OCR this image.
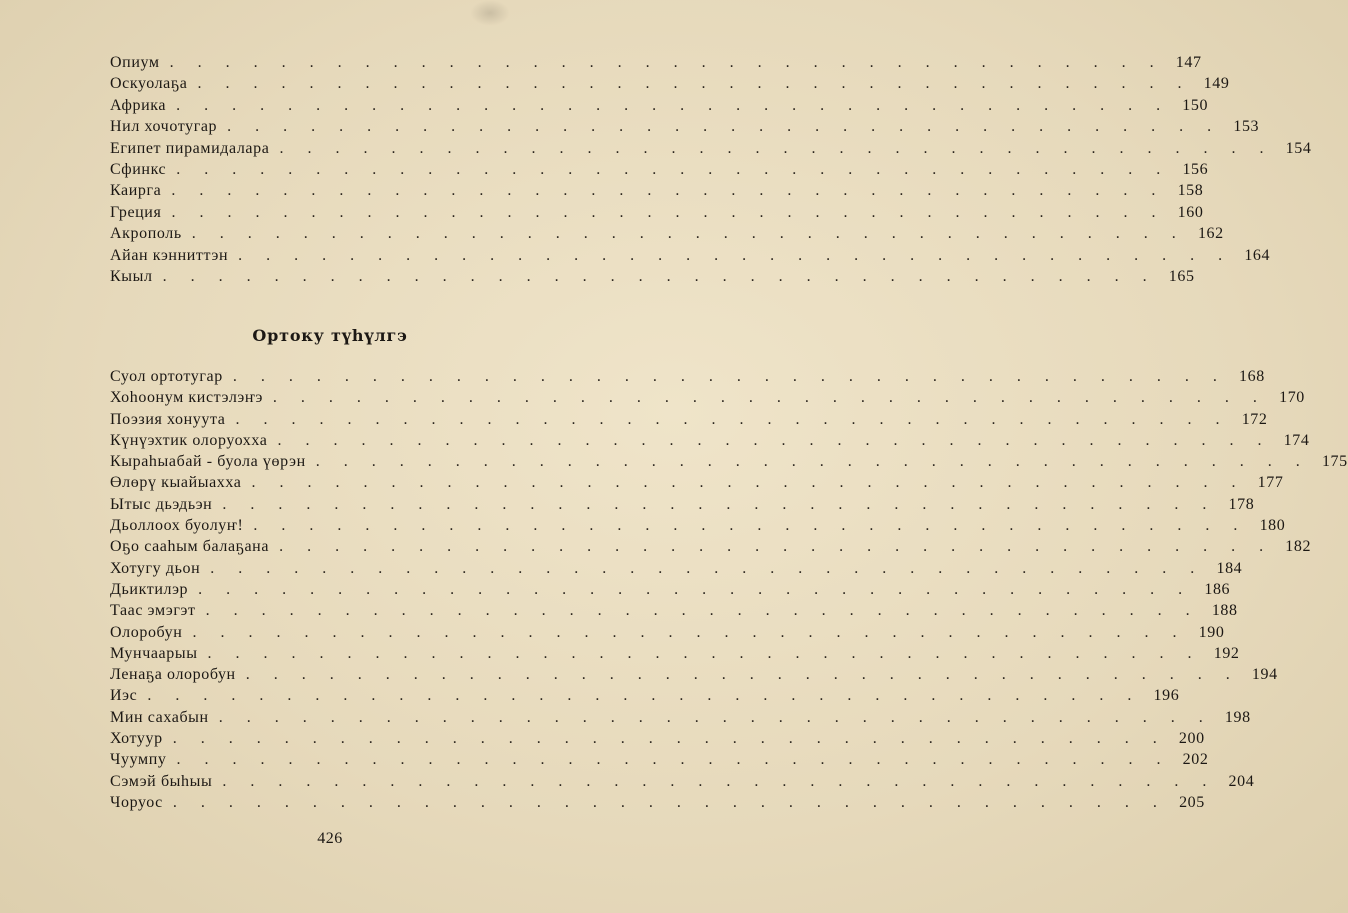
Опиум . . . . . . . . . . . . . . . . . . . . . . . . . . . . . . . . . . . . 147
Оскуолаҕа . . . . . . . . . . . . . . . . . . . . . . . . . . . . . . . . . . . . 149
Африка . . . . . . . . . . . . . . . . . . . . . . . . . . . . . . . . . . . . 150
Нил хочотугар . . . . . . . . . . . . . . . . . . . . . . . . . . . . . . . . . . . . 153
Египет пирамидалара . . . . . . . . . . . . . . . . . . . . . . . . . . . . . . . . . . . . 154
Сфинкс . . . . . . . . . . . . . . . . . . . . . . . . . . . . . . . . . . . . 156
Каирга . . . . . . . . . . . . . . . . . . . . . . . . . . . . . . . . . . . . 158
Греция . . . . . . . . . . . . . . . . . . . . . . . . . . . . . . . . . . . . 160
Акрополь . . . . . . . . . . . . . . . . . . . . . . . . . . . . . . . . . . . . 162
Айан кэнниттэн . . . . . . . . . . . . . . . . . . . . . . . . . . . . . . . . . . . . 164
Кыыл . . . . . . . . . . . . . . . . . . . . . . . . . . . . . . . . . . . . 165
Ортоку түһүлгэ
Суол ортотугар . . . . . . . . . . . . . . . . . . . . . . . . . . . . . . . . . . . . 168
Хоһоонум кистэлэҥэ . . . . . . . . . . . . . . . . . . . . . . . . . . . . . . . . . . . . 170
Поэзия хонуута . . . . . . . . . . . . . . . . . . . . . . . . . . . . . . . . . . . . 172
Күнүэхтик олоруохха . . . . . . . . . . . . . . . . . . . . . . . . . . . . . . . . . . . . 174
Кыраһыабай - буола үөрэн . . . . . . . . . . . . . . . . . . . . . . . . . . . . . . . . . . . . 175
Өлөрү кыайыахха . . . . . . . . . . . . . . . . . . . . . . . . . . . . . . . . . . . . 177
Ытыс дьэдьэн . . . . . . . . . . . . . . . . . . . . . . . . . . . . . . . . . . . . 178
Дьоллоох буолуҥ! . . . . . . . . . . . . . . . . . . . . . . . . . . . . . . . . . . . . 180
Оҕо сааһым балаҕана . . . . . . . . . . . . . . . . . . . . . . . . . . . . . . . . . . . . 182
Хотугу дьон . . . . . . . . . . . . . . . . . . . . . . . . . . . . . . . . . . . . 184
Дьиктилэр . . . . . . . . . . . . . . . . . . . . . . . . . . . . . . . . . . . . 186
Таас эмэгэт . . . . . . . . . . . . . . . . . . . . . . . . . . . . . . . . . . . . 188
Олоробун . . . . . . . . . . . . . . . . . . . . . . . . . . . . . . . . . . . . 190
Мунчаарыы . . . . . . . . . . . . . . . . . . . . . . . . . . . . . . . . . . . . 192
Ленаҕа олоробун . . . . . . . . . . . . . . . . . . . . . . . . . . . . . . . . . . . . 194
Иэс . . . . . . . . . . . . . . . . . . . . . . . . . . . . . . . . . . . . 196
Мин сахабын . . . . . . . . . . . . . . . . . . . . . . . . . . . . . . . . . . . . 198
Хотуур . . . . . . . . . . . . . . . . . . . . . . . . . . . . . . . . . . . . 200
Чуумпу . . . . . . . . . . . . . . . . . . . . . . . . . . . . . . . . . . . . 202
Сэмэй быһыы . . . . . . . . . . . . . . . . . . . . . . . . . . . . . . . . . . . . 204
Чоруос . . . . . . . . . . . . . . . . . . . . . . . . . . . . . . . . . . . . 205
426
